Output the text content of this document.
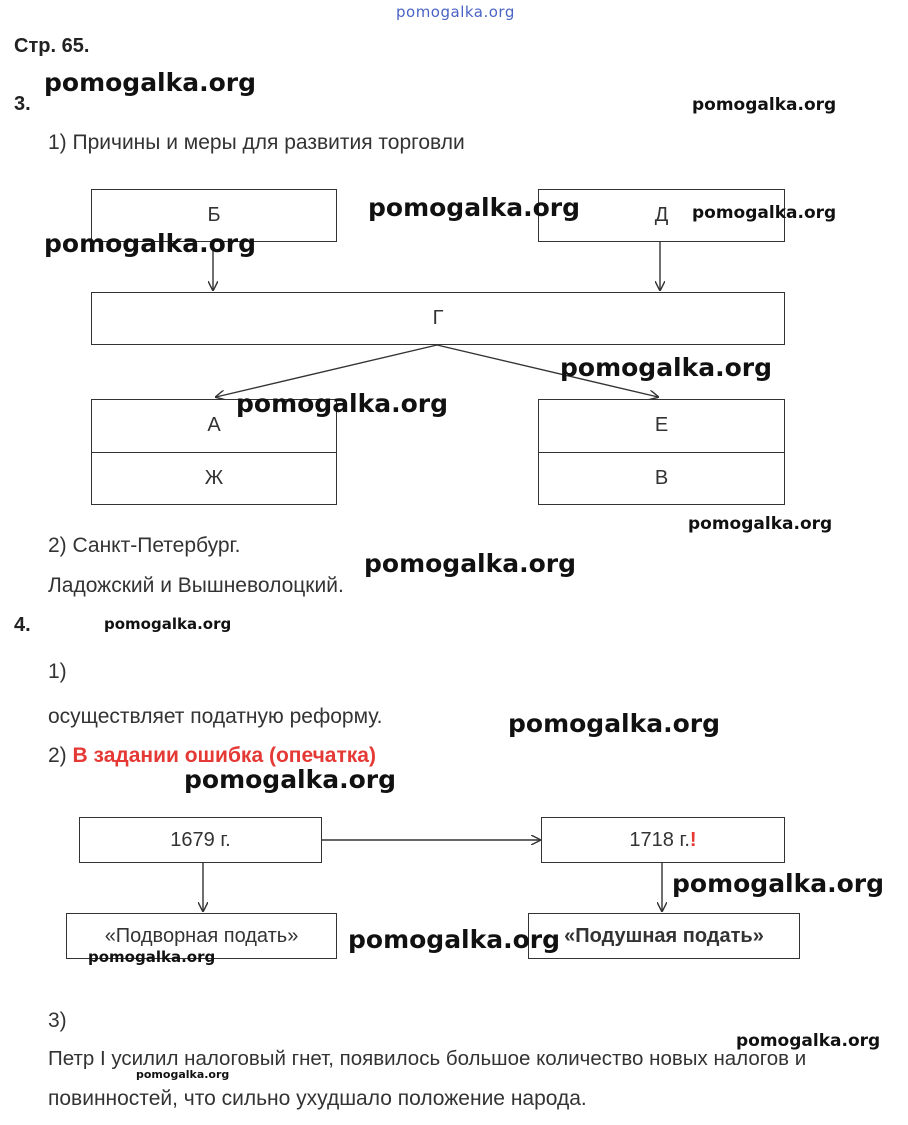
pomogalka.org
Стр. 65.
3.
1) Причины и меры для развития торговли
Б	Д
Г
А
Ж
Е
В
2) Санкт-Петербург.
Ладожский и Вышневолоцкий.
4.
1)
осуществляет податную реформу.
2) В задании ошибка (опечатка)
1679 г.	1718 г. !
«Подворная подать»	«Подушная подать»
3)
Петр I усилил налоговый гнет, появилось большое количество новых налогов и
повинностей, что сильно ухудшало положение народа.
pomogalka.org
pomogalka.org
pomogalka.org	pomogalka.org
pomogalka.org
pomogalka.org
pomogalka.org
pomogalka.org
pomogalka.org
pomogalka.org
pomogalka.org
pomogalka.org
pomogalka.org
pomogalka.org
pomogalka.org
pomogalka.org
pomogalka.org
